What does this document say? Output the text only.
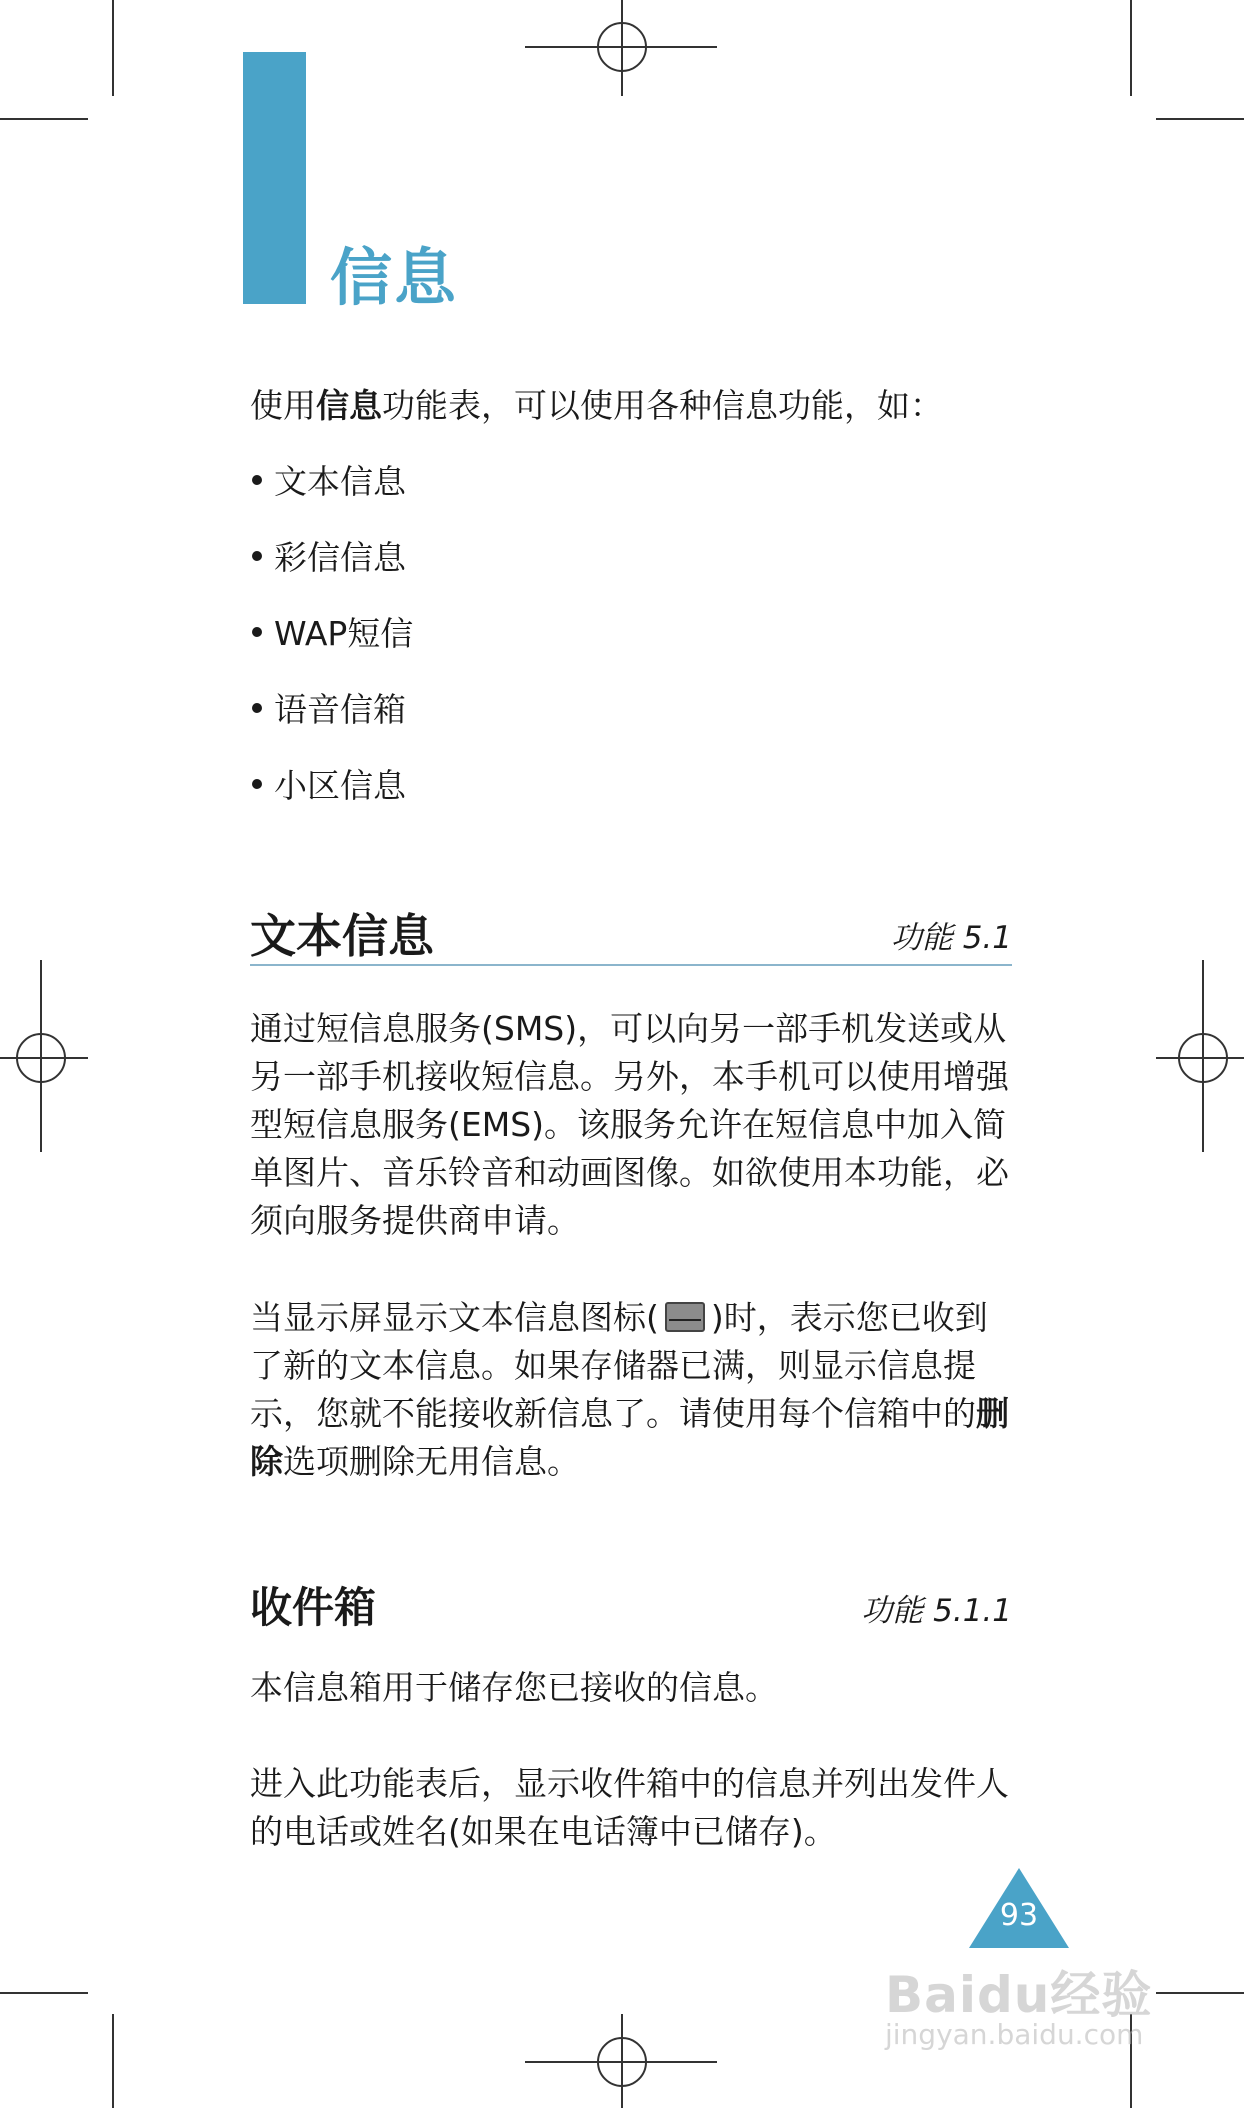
信息
使用信息功能表，可以使用各种信息功能，如：
文本信息
彩信信息
WAP短信
语音信箱
小区信息
文本信息	功能 5.1
通过短信息服务(SMS)，可以向另一部手机发送或从另一部手机接收短信息。另外，本手机可以使用增强型短信息服务(EMS)。该服务允许在短信息中加入简单图片、音乐铃音和动画图像。如欲使用本功能，必须向服务提供商申请。
当显示屏显示文本信息图标( )时，表示您已收到了新的文本信息。如果存储器已满，则显示信息提示，您就不能接收新信息了。请使用每个信箱中的删除选项删除无用信息。
收件箱	功能 5.1.1
本信息箱用于储存您已接收的信息。
进入此功能表后，显示收件箱中的信息并列出发件人的电话或姓名(如果在电话簿中已储存)。
93
Baidu经验
jingyan.baidu.com
